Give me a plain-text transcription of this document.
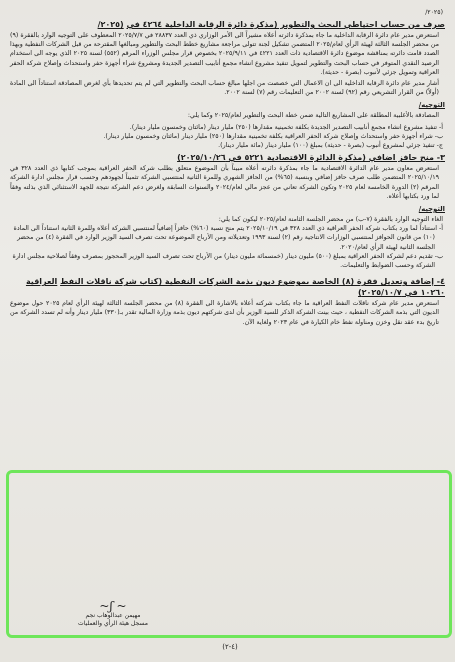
(٢٠٢٥/
صرف من حساب احتياطي البحث والتطوير (مذكرة دائرة الرقابة الداخلية ٤٢٦٤ في (٢٠٢٥/

استعرض مدير عام دائرة الرقابة الداخلية ما جاء بمذكرة دائرته أعلاه مشيراً الى الأمر الوزاري ذي العدد ٢٨٨٣٧ في ٢٠٢٥/٧/٧ المعطوف على التوجيه الوارد بالفقرة (٩) من محضر الجلسة الثالثة لهيئة الرأي لعام/٢٠٢٥ المتضمن تشكيل لجنة تتولى مراجعة مشاريع خطط البحث والتطوير ومبالغها المقترحة من قبل الشركات النفطية وبهذا الصدد قامت دائرته بمناقشة موضوع دائرة الاقتصادية ذات العدد ٤٢٢١ في ٢٠٢٥/٩/١١ بخصوص قرار مجلس الوزراء المرقم (٥٥٢) لسنة ٢٠٢٥ الذي يوجه الى استخدام الرصيد النقدي المتوفر في حساب البحث والتطوير لتمويل تنفيذ مشروع انشاء مجمع أنابيب التصدير الجديدة ومشروع شراء أجهزة حفر واستحداث وإصلاح شركة الحفر العراقية وتمويل جزئي لأنبوب (بصرة - حديثة).

أشار مدير عام دائرة الرقابة الداخلية الى ان الاعمال التي خصصت من اجلها مبالغ حساب البحث والتطوير التي لم يتم تحديدها بأي لغرض المصادقة استناداً الى المادة (أولاً) من القرار التشريعي رقم (٩٢) لسنة ٢٠٠٢ من التعليمات رقم (٧) لسنة ٢٠٠٢.

التوجيه/

المصادقة بالأغلبية المطلقة على المشاريع التالية ضمن خطة البحث والتطوير لعام/٢٠٢٥ وكما يلي:

أ- تنفيذ مشروع انشاء مجمع أنابيب التصدير الجديدة بكلفة تخمينية مقدارها (٢٥٠) مليار دينار (مائتان وخمسون مليار دينار).

ب- شراء أجهزة حفر واستحداث وإصلاح شركة الحفر العراقية بكلفة تخمينية مقدارها (٢٥٠) مليار دينار (مائتان وخمسون مليار دينار).

ج- تنفيذ جزئي لمشروع أنبوب (بصرة - حديثة) بمبلغ (١٠٠) مليار دينار (مائة مليار دينار).

٣- منح حافز اضافي (مذكرة الدائرة الاقتصادية ٥٢٢١ في ٢٠٢٥/١٠/٢٦)

استعرض معاون مدير عام الدائرة الاقتصادية ما جاء بمذكرة دائرته أعلاه مبيناً بأن الموضوع متعلق بطلب شركة الحفر العراقية بموجب كتابها ذي العدد ٣٢٨ في ٢٠٢٥/١٠/١٩ المتضمن طلب صرف حافز إضافي وبنسبة (٦٥%) من الحافز الشهري وللمرة الثانية لمنتسبي الشركة تثميناً لجهودهم وحسب قرار مجلس ادارة الشركة المرقم (٢) الدورة الخامسة لعام ٢٠٢٥ وتكون الشركة تعاني من عجز مالي لعام/٢٠٢٤ والسنوات السابقة ولغرض دعم الشركة نتيجة للجهد الاستثنائي الذي بذلته وفقاً لما ورد بكتابها أعلاه.

التوجيه/

الغاء التوجيه الوارد بالفقرة (٧-ب) من محضر الجلسة الثامنة لعام/٢٠٢٥ ليكون كما يلي:

أ- استناداً لما ورد بكتاب شركة الحفر العراقية ذي العدد ٣٢٨ في ٢٠٢٥/١٠/١٩ يتم منح نسبة (٦٠%) حافزاً إضافياً لمنتسبي الشركة أعلاه وللمرة الثانية استناداً الى المادة (١٠) من قانون الحوافز لمنتسبي الوزارات الانتاجية رقم (٢) لسنة ١٩٩٣ وتعديلاته ومن الأرباح الموضوعة تحت تصرف السيد الوزير الوارد في الفقرة (٤) من محضر الجلسة الثانية لهيئة الرأي لعام/٢٠٢٠.

ب- تقديم دعم لشركة الحفر العراقية بمبلغ (٥٠٠) مليون دينار (خمسمائة مليون دينار) من الأرباح تحت تصرف السيد الوزير المحجوز بمصرف وفقاً لصلاحية مجلس ادارة الشركة وحسب الضوابط والتعليمات.

٤- إضافة وتعديل فقرة (٨) الخاصة بموضوع ديون بذمة الشركات النفطية (كتاب شركة ناقلات النفط العراقية ١٠٢٦٠ في ٢٠٢٥/١٠/٧)

استعرض مدير عام شركة ناقلات النفط العراقية ما جاء بكتاب شركته أعلاه بالاشارة الى الفقرة (٨) من محضر الجلسة الثالثة لهيئة الرأي لعام ٢٠٢٥ حول موضوع الديون التي بذمة الشركات النفطية ، حيث بينت الشركة الذكر للسيد الوزير بأن لدى شركتهم ديون بذمة وزارة المالية تقدر بـ(٣٣٠) مليار دينار وأنه لم تسدد الشركة من تاريخ بدء عقد نقل وخزن ومناولة نفط خام الكيارة في عام ٢٠٢٣ ولغاية الآن.

~ ʃ~
مهيمن عبدالوهاب نجم
مسجل هيئة الرأي والعمليات
(٤-٢)
